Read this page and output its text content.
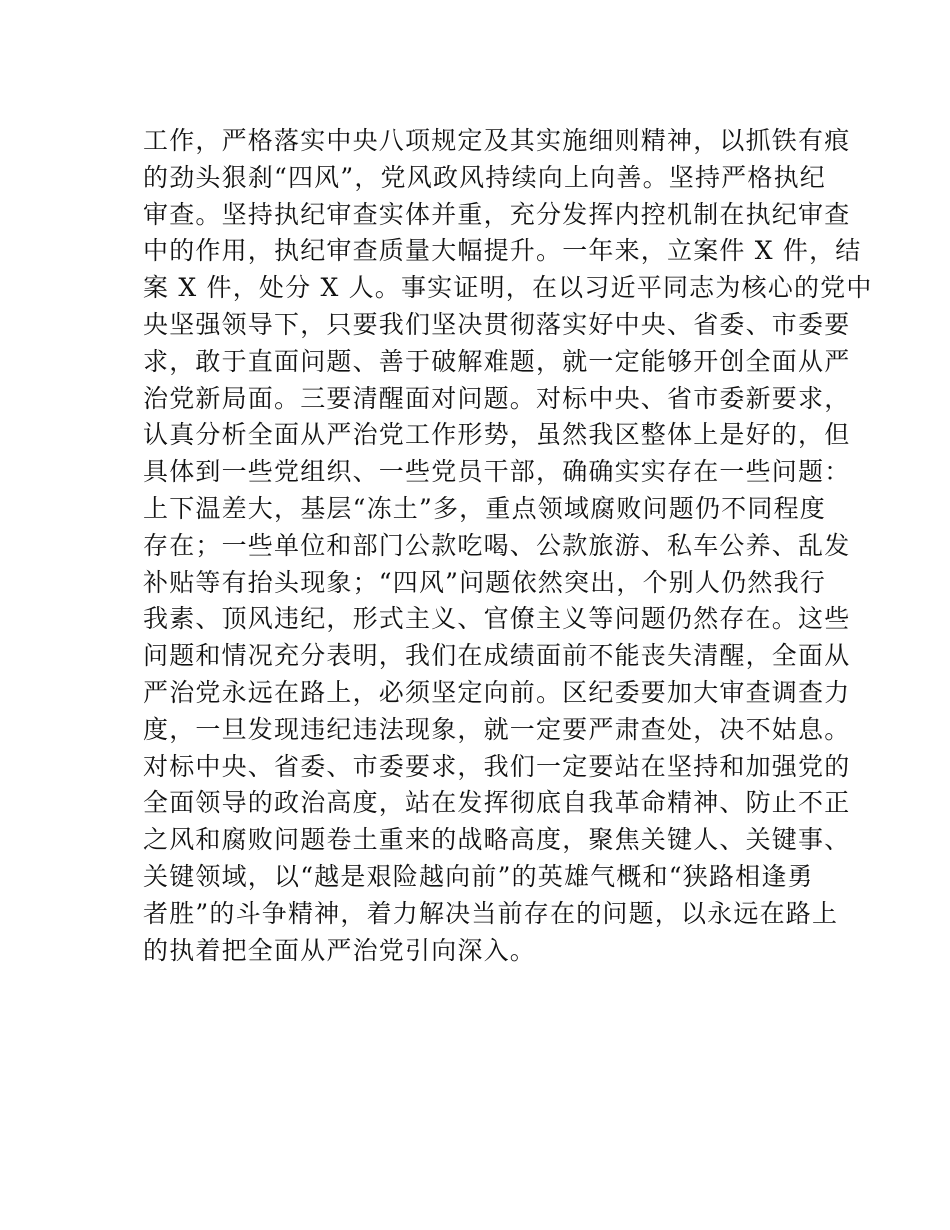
工作，严格落实中央八项规定及其实施细则精神，以抓铁有痕
的劲头狠刹“四风”，党风政风持续向上向善。坚持严格执纪
审查。坚持执纪审查实体并重，充分发挥内控机制在执纪审查
中的作用，执纪审查质量大幅提升。一年来，立案件 X 件，结
案 X 件，处分 X 人。事实证明，在以习近平同志为核心的党中
央坚强领导下，只要我们坚决贯彻落实好中央、省委、市委要
求，敢于直面问题、善于破解难题，就一定能够开创全面从严
治党新局面。三要清醒面对问题。对标中央、省市委新要求，
认真分析全面从严治党工作形势，虽然我区整体上是好的，但
具体到一些党组织、一些党员干部，确确实实存在一些问题：
上下温差大，基层“冻土”多，重点领域腐败问题仍不同程度
存在；一些单位和部门公款吃喝、公款旅游、私车公养、乱发
补贴等有抬头现象；“四风”问题依然突出，个别人仍然我行
我素、顶风违纪，形式主义、官僚主义等问题仍然存在。这些
问题和情况充分表明，我们在成绩面前不能丧失清醒，全面从
严治党永远在路上，必须坚定向前。区纪委要加大审查调查力
度，一旦发现违纪违法现象，就一定要严肃查处，决不姑息。
对标中央、省委、市委要求，我们一定要站在坚持和加强党的
全面领导的政治高度，站在发挥彻底自我革命精神、防止不正
之风和腐败问题卷土重来的战略高度，聚焦关键人、关键事、
关键领域，以“越是艰险越向前”的英雄气概和“狭路相逢勇
者胜”的斗争精神，着力解决当前存在的问题，以永远在路上
的执着把全面从严治党引向深入。
